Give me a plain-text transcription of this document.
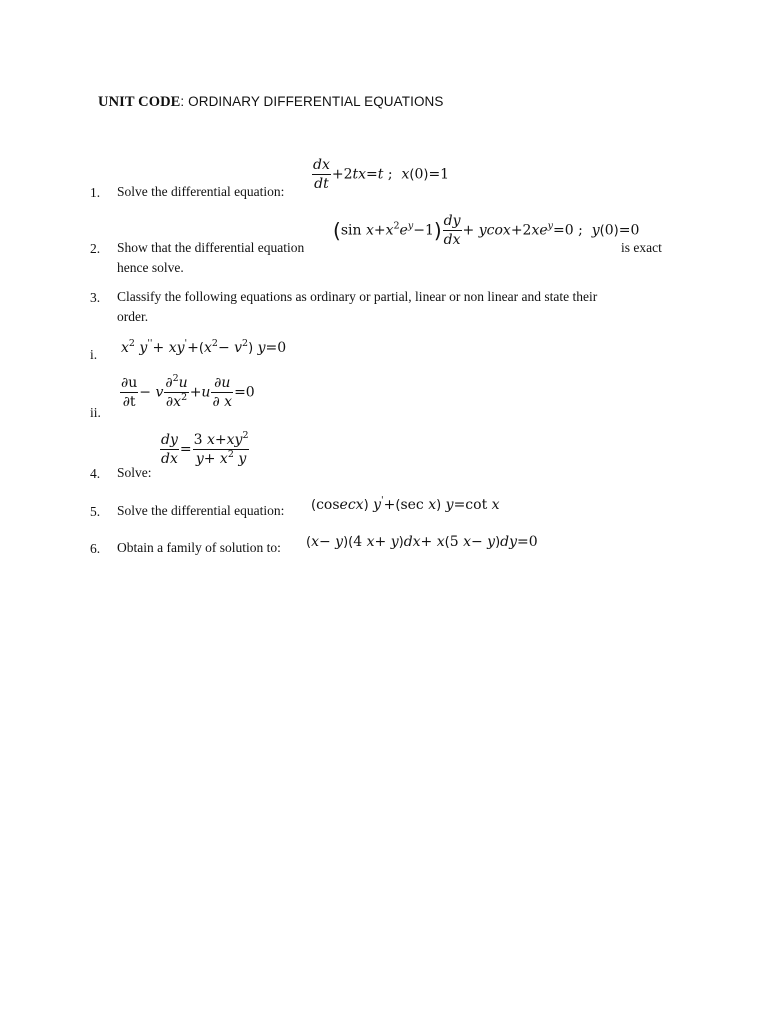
UNIT CODE: ORDINARY DIFFERENTIAL EQUATIONS
1. Solve the differential equation:
$\frac{dx}{dt} +2tx=t$ ;  x(0)=1
2. Show that the differential equation
hence solve.
is exact
(sin $x+x^2e^y-1) \frac{dy}{dx}$ + $ycox+2xe^y=0$ ;  y(0)=0
3. Classify the following equations as ordinary or partial, linear or non linear and state their
order.
i. $x^2$ $y''+ xy'+(x^2- v^2)$ y=0
ii.
$\frac{\partial u}{\partial t} - v \frac{\partial^2u}{\partial x^2} +u \frac{\partial u}{\partial x} =0$
4. Solve:
$\frac{dy}{dx} = \frac{3 x+xy^2}{y+ x^2 y}$
5. Solve the differential equation: (cosecx) y'+(sec x) y=cot x
6. Obtain a family of solution to: (x− y)(4 x+ y)dx+ x(5 x− y)dy=0
